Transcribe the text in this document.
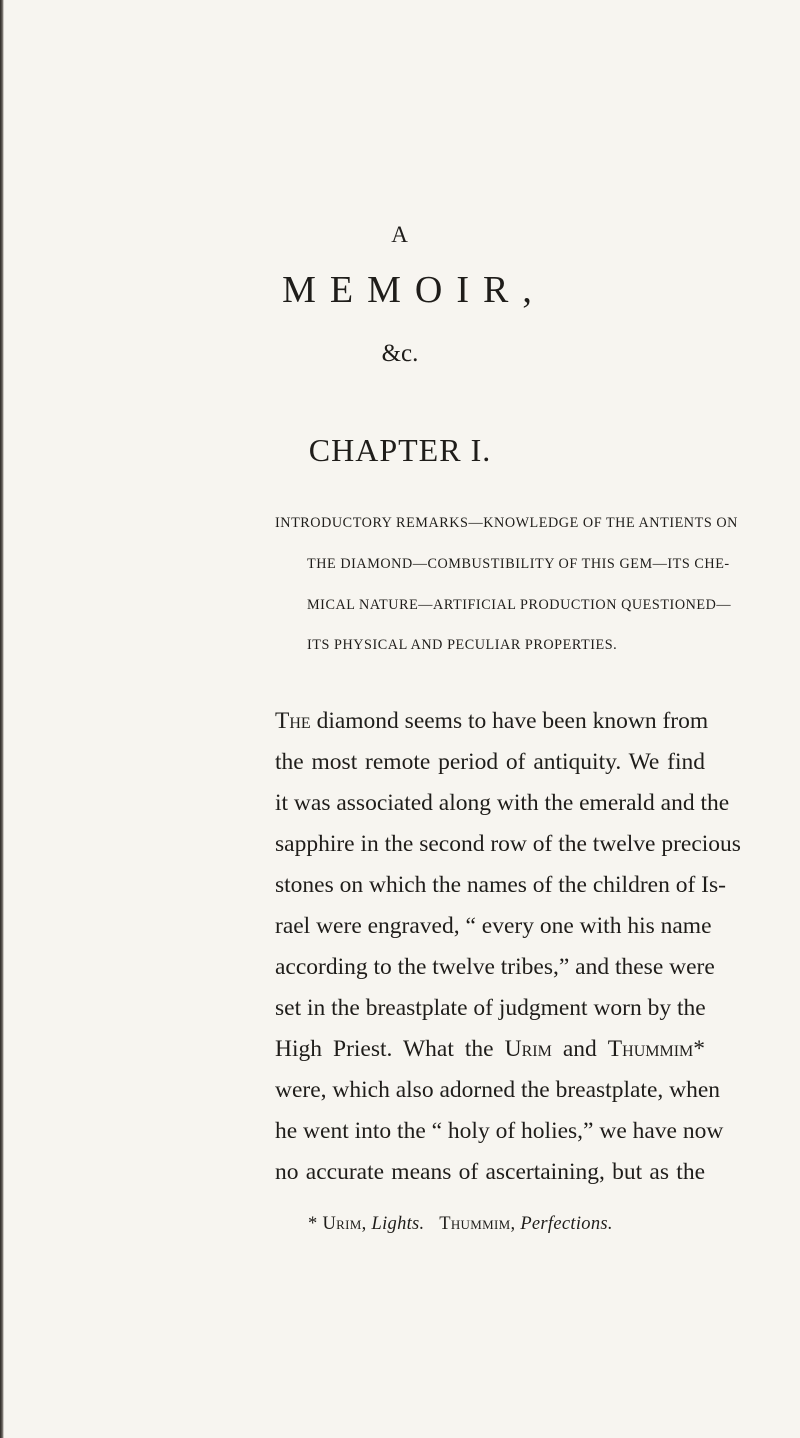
A
MEMOIR,
&c.
CHAPTER I.
INTRODUCTORY REMARKS—KNOWLEDGE OF THE ANTIENTS ON
THE DIAMOND—COMBUSTIBILITY OF THIS GEM—ITS CHE-
MICAL NATURE—ARTIFICIAL PRODUCTION QUESTIONED—
ITS PHYSICAL AND PECULIAR PROPERTIES.
The diamond seems to have been known from
the most remote period of antiquity. We find
it was associated along with the emerald and the
sapphire in the second row of the twelve precious
stones on which the names of the children of Is-
rael were engraved, “ every one with his name
according to the twelve tribes,” and these were
set in the breastplate of judgment worn by the
High Priest. What the Urim and Thummim*
were, which also adorned the breastplate, when
he went into the “ holy of holies,” we have now
no accurate means of ascertaining, but as the
* Urim, Lights. Thummim, Perfections.
